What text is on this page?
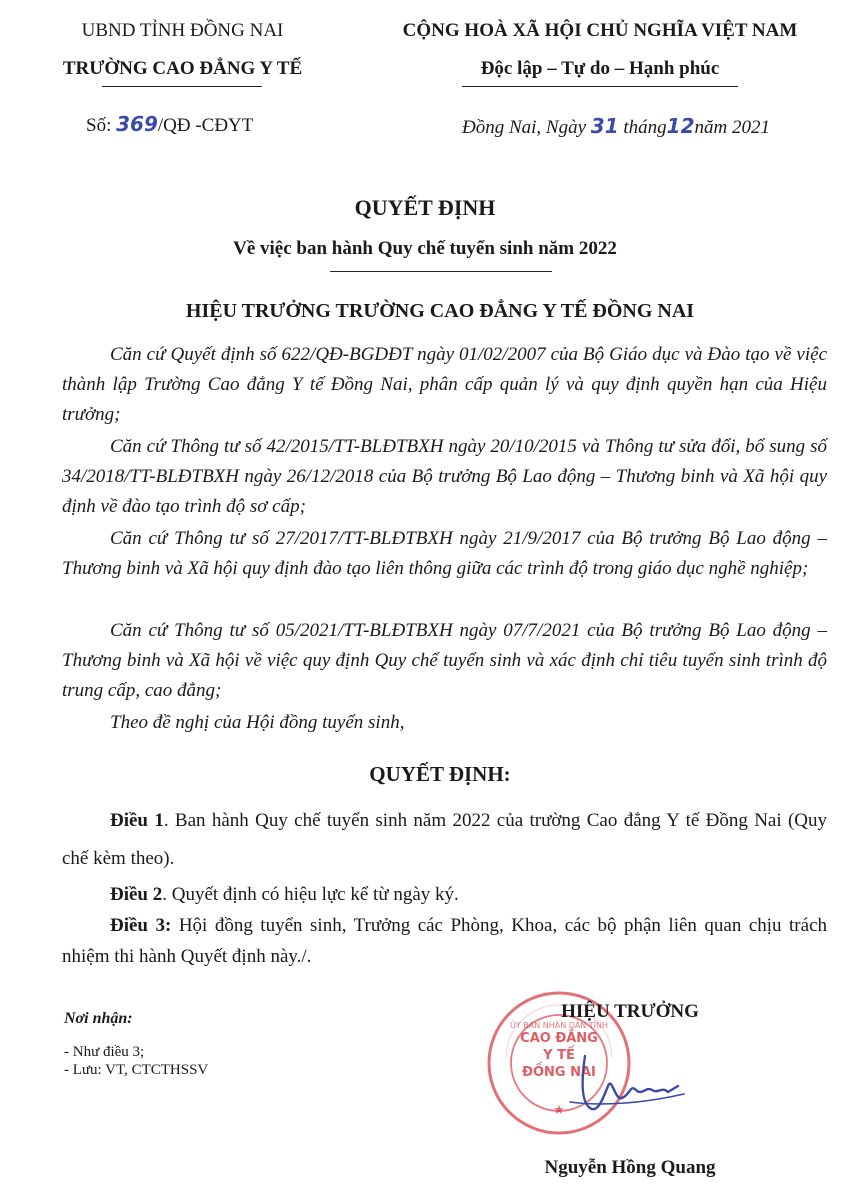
UBND TỈNH ĐỒNG NAI
TRƯỜNG CAO ĐẲNG Y TẾ
CỘNG HOÀ XÃ HỘI CHỦ NGHĨA VIỆT NAM
Độc lập – Tự do – Hạnh phúc
Số: 369/QĐ -CĐYT	Đồng Nai, Ngày 31 tháng12năm 2021
QUYẾT ĐỊNH
Về việc ban hành Quy chế tuyển sinh năm 2022
HIỆU TRƯỞNG TRƯỜNG CAO ĐẲNG Y TẾ ĐỒNG NAI
Căn cứ Quyết định số 622/QĐ-BGDĐT ngày 01/02/2007 của Bộ Giáo dục và Đào tạo về việc thành lập Trường Cao đẳng Y tế Đồng Nai, phân cấp quản lý và quy định quyền hạn của Hiệu trưởng;
Căn cứ Thông tư số 42/2015/TT-BLĐTBXH ngày 20/10/2015 và Thông tư sửa đổi, bổ sung số 34/2018/TT-BLĐTBXH ngày 26/12/2018 của Bộ trưởng Bộ Lao động – Thương binh và Xã hội quy định về đào tạo trình độ sơ cấp;
Căn cứ Thông tư số 27/2017/TT-BLĐTBXH ngày 21/9/2017 của Bộ trưởng Bộ Lao động – Thương binh và Xã hội quy định đào tạo liên thông giữa các trình độ trong giáo dục nghề nghiệp;
Căn cứ Thông tư số 05/2021/TT-BLĐTBXH ngày 07/7/2021 của Bộ trưởng Bộ Lao động – Thương binh và Xã hội về việc quy định Quy chế tuyển sinh và xác định chỉ tiêu tuyển sinh trình độ trung cấp, cao đẳng;
Theo đề nghị của Hội đồng tuyển sinh,
QUYẾT ĐỊNH:
Điều 1. Ban hành Quy chế tuyển sinh năm 2022 của trường Cao đẳng Y tế Đồng Nai (Quy chế kèm theo).
Điều 2. Quyết định có hiệu lực kể từ ngày ký.
Điều 3: Hội đồng tuyển sinh, Trưởng các Phòng, Khoa, các bộ phận liên quan chịu trách nhiệm thi hành Quyết định này./.
Nơi nhận:
- Như điều 3;
- Lưu: VT, CTCTHSSV
★
ỦY BAN NHÂN DÂN TỈNH
CAO ĐẲNG
Y TẾ
ĐỒNG NAI
HIỆU TRƯỞNG
Nguyễn Hồng Quang
